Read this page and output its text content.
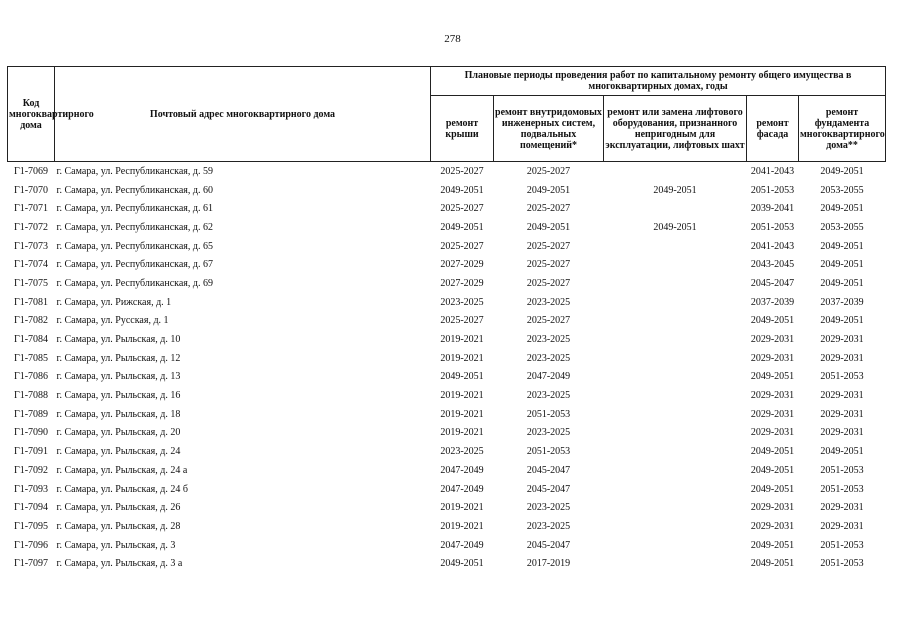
278
Код многоквартирного дома	Почтовый адрес многоквартирного дома	Плановые периоды проведения работ по капитальному ремонту общего имущества в многоквартирных домах, годы				
		ремонт крыши	ремонт внутридомовых инженерных систем, подвальных помещений*	ремонт или замена лифтового оборудования, признанного непригодным для эксплуатации, лифтовых шахт	ремонт фасада	ремонт фундамента многоквартирного дома**
Г1-7069	г. Самара, ул. Республиканская, д. 59	2025-2027	2025-2027		2041-2043	2049-2051
Г1-7070	г. Самара, ул. Республиканская, д. 60	2049-2051	2049-2051	2049-2051	2051-2053	2053-2055
Г1-7071	г. Самара, ул. Республиканская, д. 61	2025-2027	2025-2027		2039-2041	2049-2051
Г1-7072	г. Самара, ул. Республиканская, д. 62	2049-2051	2049-2051	2049-2051	2051-2053	2053-2055
Г1-7073	г. Самара, ул. Республиканская, д. 65	2025-2027	2025-2027		2041-2043	2049-2051
Г1-7074	г. Самара, ул. Республиканская, д. 67	2027-2029	2025-2027		2043-2045	2049-2051
Г1-7075	г. Самара, ул. Республиканская, д. 69	2027-2029	2025-2027		2045-2047	2049-2051
Г1-7081	г. Самара, ул. Рижская, д. 1	2023-2025	2023-2025		2037-2039	2037-2039
Г1-7082	г. Самара, ул. Русская, д. 1	2025-2027	2025-2027		2049-2051	2049-2051
Г1-7084	г. Самара, ул. Рыльская, д. 10	2019-2021	2023-2025		2029-2031	2029-2031
Г1-7085	г. Самара, ул. Рыльская, д. 12	2019-2021	2023-2025		2029-2031	2029-2031
Г1-7086	г. Самара, ул. Рыльская, д. 13	2049-2051	2047-2049		2049-2051	2051-2053
Г1-7088	г. Самара, ул. Рыльская, д. 16	2019-2021	2023-2025		2029-2031	2029-2031
Г1-7089	г. Самара, ул. Рыльская, д. 18	2019-2021	2051-2053		2029-2031	2029-2031
Г1-7090	г. Самара, ул. Рыльская, д. 20	2019-2021	2023-2025		2029-2031	2029-2031
Г1-7091	г. Самара, ул. Рыльская, д. 24	2023-2025	2051-2053		2049-2051	2049-2051
Г1-7092	г. Самара, ул. Рыльская, д. 24 а	2047-2049	2045-2047		2049-2051	2051-2053
Г1-7093	г. Самара, ул. Рыльская, д. 24 б	2047-2049	2045-2047		2049-2051	2051-2053
Г1-7094	г. Самара, ул. Рыльская, д. 26	2019-2021	2023-2025		2029-2031	2029-2031
Г1-7095	г. Самара, ул. Рыльская, д. 28	2019-2021	2023-2025		2029-2031	2029-2031
Г1-7096	г. Самара, ул. Рыльская, д. 3	2047-2049	2045-2047		2049-2051	2051-2053
Г1-7097	г. Самара, ул. Рыльская, д. 3 а	2049-2051	2017-2019		2049-2051	2051-2053
